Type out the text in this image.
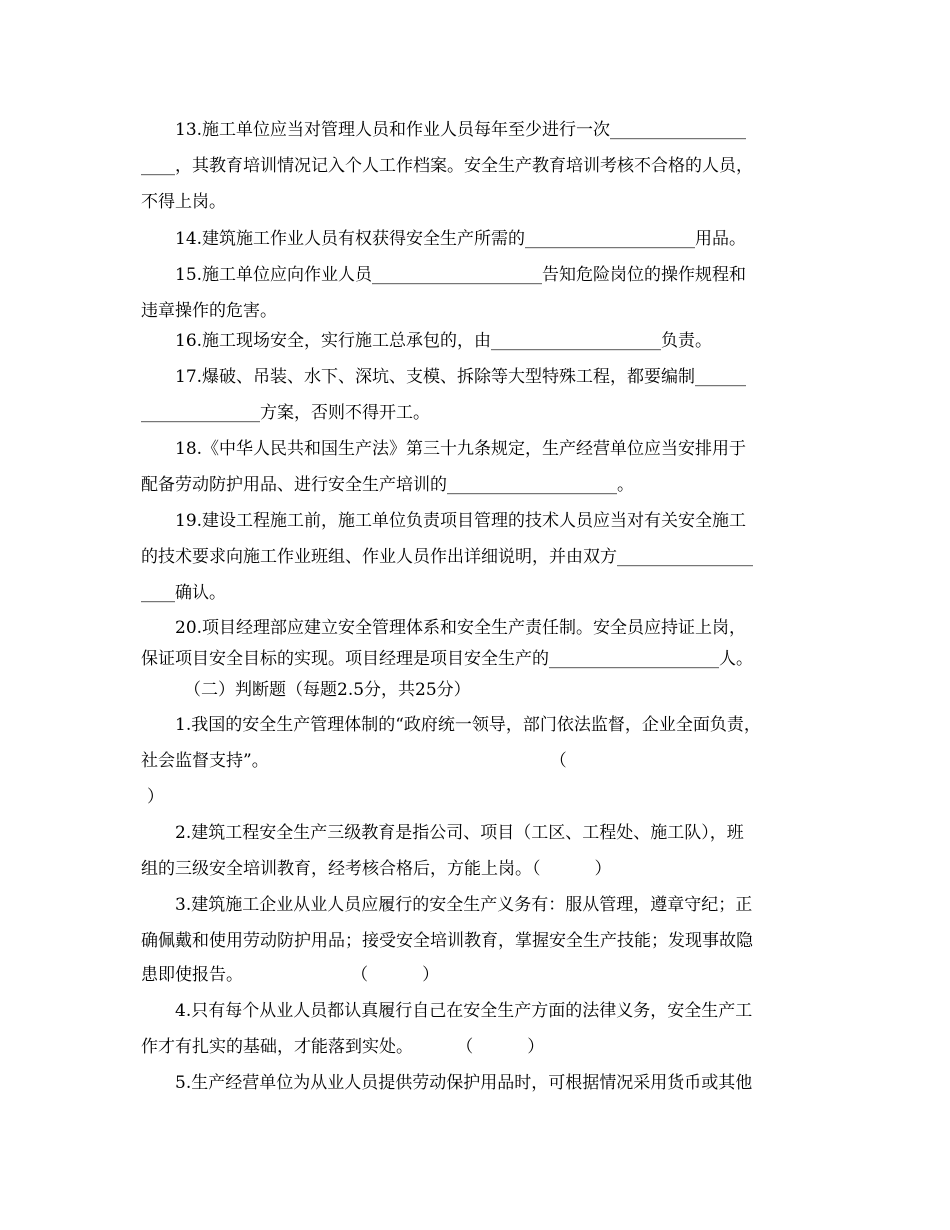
13.施工单位应当对管理人员和作业人员每年至少进行一次________________
____，其教育培训情况记入个人工作档案。安全生产教育培训考核不合格的人员，
不得上岗。
14.建筑施工作业人员有权获得安全生产所需的____________________用品。
15.施工单位应向作业人员____________________告知危险岗位的操作规程和
违章操作的危害。
16.施工现场安全，实行施工总承包的，由____________________负责。
17.爆破、吊装、水下、深坑、支模、拆除等大型特殊工程，都要编制______
______________方案，否则不得开工。
18.《中华人民共和国生产法》第三十九条规定，生产经营单位应当安排用于
配备劳动防护用品、进行安全生产培训的____________________。
19.建设工程施工前，施工单位负责项目管理的技术人员应当对有关安全施工
的技术要求向施工作业班组、作业人员作出详细说明，并由双方________________
____确认。
20.项目经理部应建立安全管理体系和安全生产责任制。安全员应持证上岗，
保证项目安全目标的实现。项目经理是项目安全生产的____________________人。
（二）判断题（每题2.5分，共25分）
1.我国的安全生产管理体制的“政府统一领导，部门依法监督，企业全面负责，
社会监督支持”。                                                    （
）
2.建筑工程安全生产三级教育是指公司、项目（工区、工程处、施工队），班
组的三级安全培训教育，经考核合格后，方能上岗。（          ）
3.建筑施工企业从业人员应履行的安全生产义务有：服从管理，遵章守纪；正
确佩戴和使用劳动防护用品；接受安全培训教育，掌握安全生产技能；发现事故隐
患即使报告。                    （          ）
4.只有每个从业人员都认真履行自己在安全生产方面的法律义务，安全生产工
作才有扎实的基础，才能落到实处。        （          ）
5.生产经营单位为从业人员提供劳动保护用品时，可根据情况采用货币或其他
